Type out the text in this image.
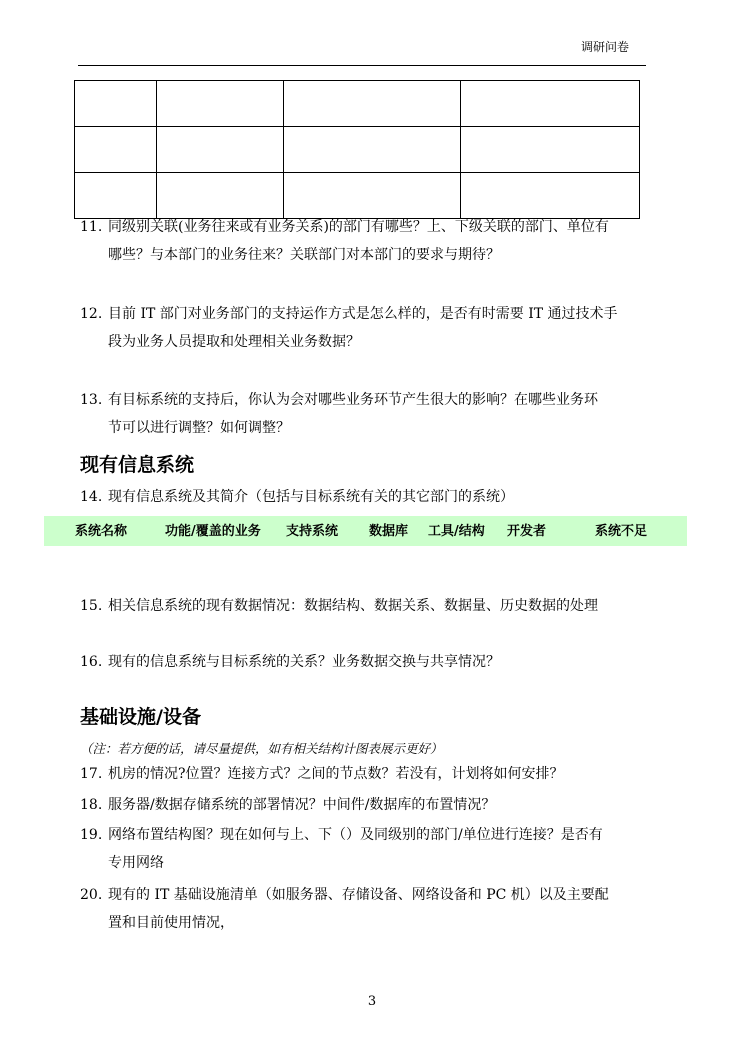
调研问卷

11. 同级别关联(业务往来或有业务关系)的部门有哪些？上、下级关联的部门、单位有
哪些？与本部门的业务往来？关联部门对本部门的要求与期待？
12. 目前 IT 部门对业务部门的支持运作方式是怎么样的，是否有时需要 IT 通过技术手
段为业务人员提取和处理相关业务数据？
13. 有目标系统的支持后，你认为会对哪些业务环节产生很大的影响？在哪些业务环
节可以进行调整？如何调整？
现有信息系统
14. 现有信息系统及其简介（包括与目标系统有关的其它部门的系统）
系统名称	功能/覆盖的业务 支持系统 数据库 工具/结构 开发者	系统不足
15. 相关信息系统的现有数据情况：数据结构、数据关系、数据量、历史数据的处理
16. 现有的信息系统与目标系统的关系？业务数据交换与共享情况？
基础设施/设备
（注：若方便的话，请尽量提供，如有相关结构计图表展示更好）
17. 机房的情况?位置？连接方式？之间的节点数？若没有，计划将如何安排？
18. 服务器/数据存储系统的部署情况？中间件/数据库的布置情况？
19. 网络布置结构图？现在如何与上、下（）及同级别的部门/单位进行连接？是否有
专用网络
20. 现有的 IT 基础设施清单（如服务器、存储设备、网络设备和 PC 机）以及主要配
置和目前使用情况，
3
